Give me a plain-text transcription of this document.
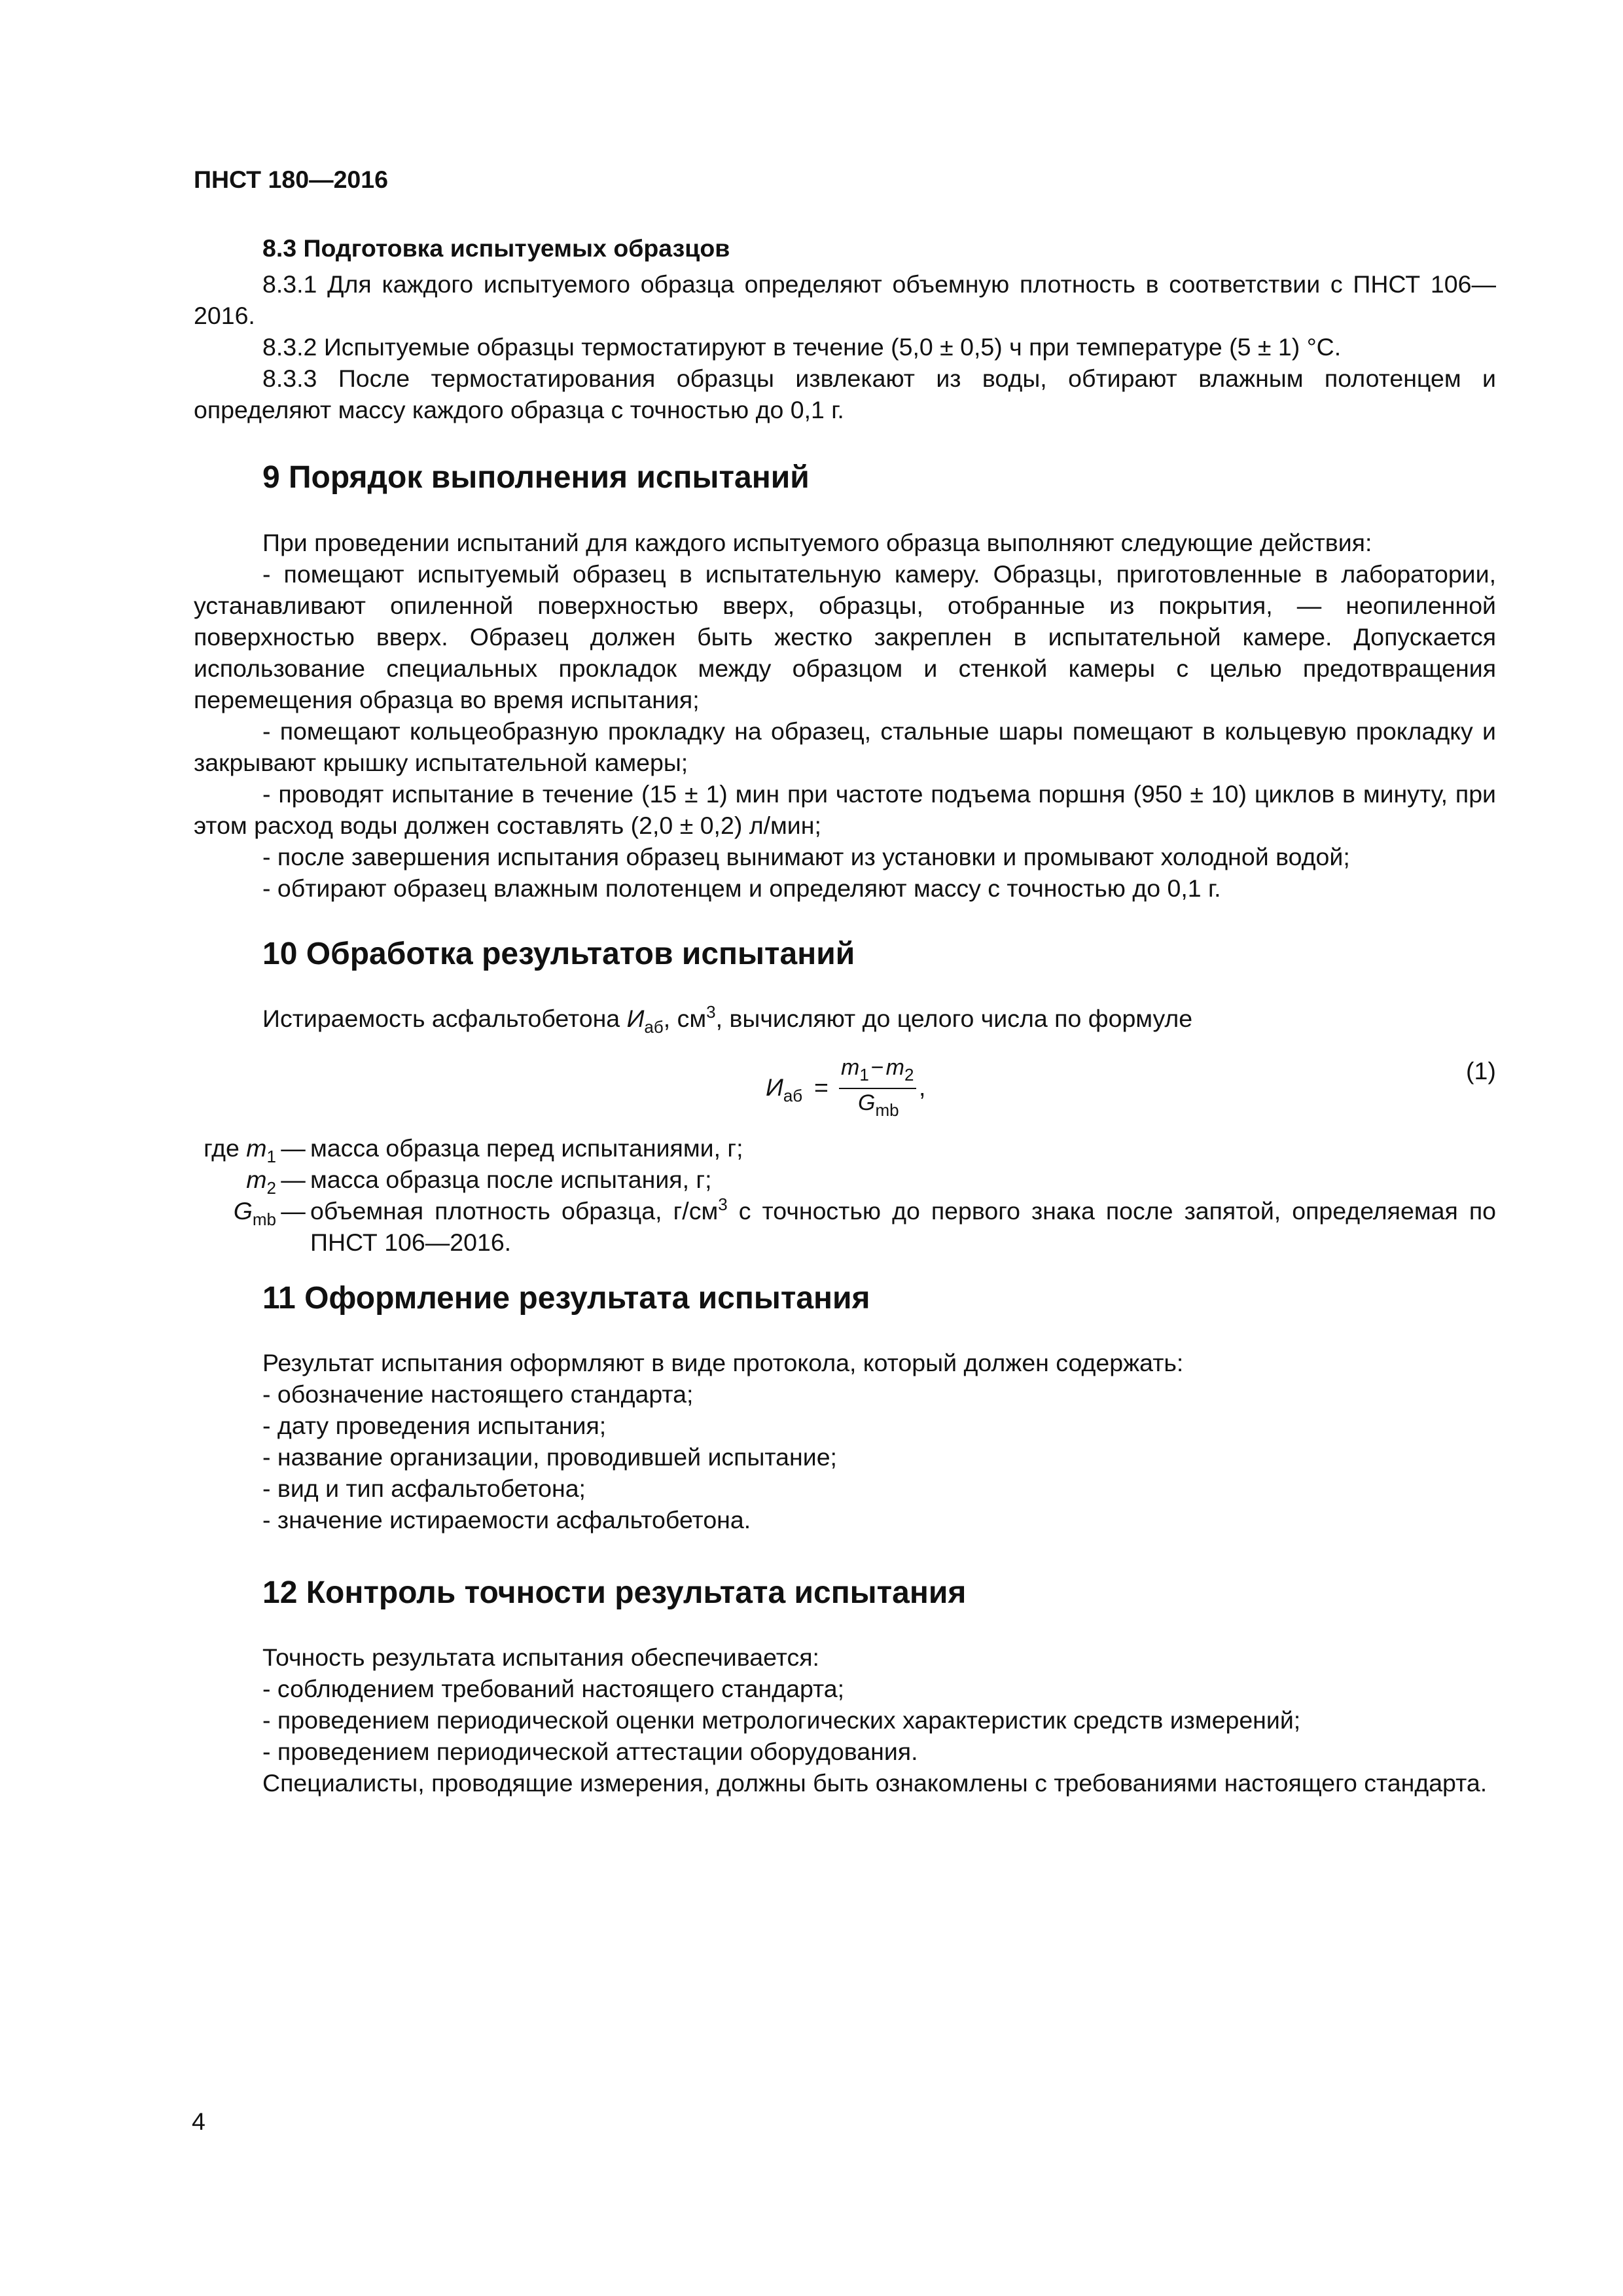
ПНСТ 180—2016
8.3 Подготовка испытуемых образцов
8.3.1 Для каждого испытуемого образца определяют объемную плотность в соответствии с ПНСТ 106—2016.
8.3.2 Испытуемые образцы термостатируют в течение (5,0 ± 0,5) ч при температуре (5 ± 1) °С.
8.3.3 После термостатирования образцы извлекают из воды, обтирают влажным полотенцем и определяют массу каждого образца с точностью до 0,1 г.
9 Порядок выполнения испытаний
При проведении испытаний для каждого испытуемого образца выполняют следующие действия:
- помещают испытуемый образец в испытательную камеру. Образцы, приготовленные в лаборатории, устанавливают опиленной поверхностью вверх, образцы, отобранные из покрытия, — неопиленной поверхностью вверх. Образец должен быть жестко закреплен в испытательной камере. Допускается использование специальных прокладок между образцом и стенкой камеры с целью предотвращения перемещения образца во время испытания;
- помещают кольцеобразную прокладку на образец, стальные шары помещают в кольцевую прокладку и закрывают крышку испытательной камеры;
- проводят испытание в течение (15 ± 1) мин при частоте подъема поршня (950 ± 10) циклов в минуту, при этом расход воды должен составлять (2,0 ± 0,2) л/мин;
- после завершения испытания образец вынимают из установки и промывают холодной водой;
- обтирают образец влажным полотенцем и определяют массу с точностью до 0,1 г.
10 Обработка результатов испытаний
Истираемость асфальтобетона $И_{аб}$, $см^3$, вычисляют до целого числа по формуле
$И_{аб}$ =
$m_1-m_2$
$G_{mb}$
,
(1)
где $m_1$ — масса образца перед испытаниями, г;
$m_2$ — масса образца после испытания, г;
$G_{mb}$ — объемная плотность образца, $г/см^3$ с точностью до первого знака после запятой, определяемая по ПНСТ 106—2016.
11 Оформление результата испытания
Результат испытания оформляют в виде протокола, который должен содержать:
- обозначение настоящего стандарта;
- дату проведения испытания;
- название организации, проводившей испытание;
- вид и тип асфальтобетона;
- значение истираемости асфальтобетона.
12 Контроль точности результата испытания
Точность результата испытания обеспечивается:
- соблюдением требований настоящего стандарта;
- проведением периодической оценки метрологических характеристик средств измерений;
- проведением периодической аттестации оборудования.
Специалисты, проводящие измерения, должны быть ознакомлены с требованиями настоящего стандарта.
4
